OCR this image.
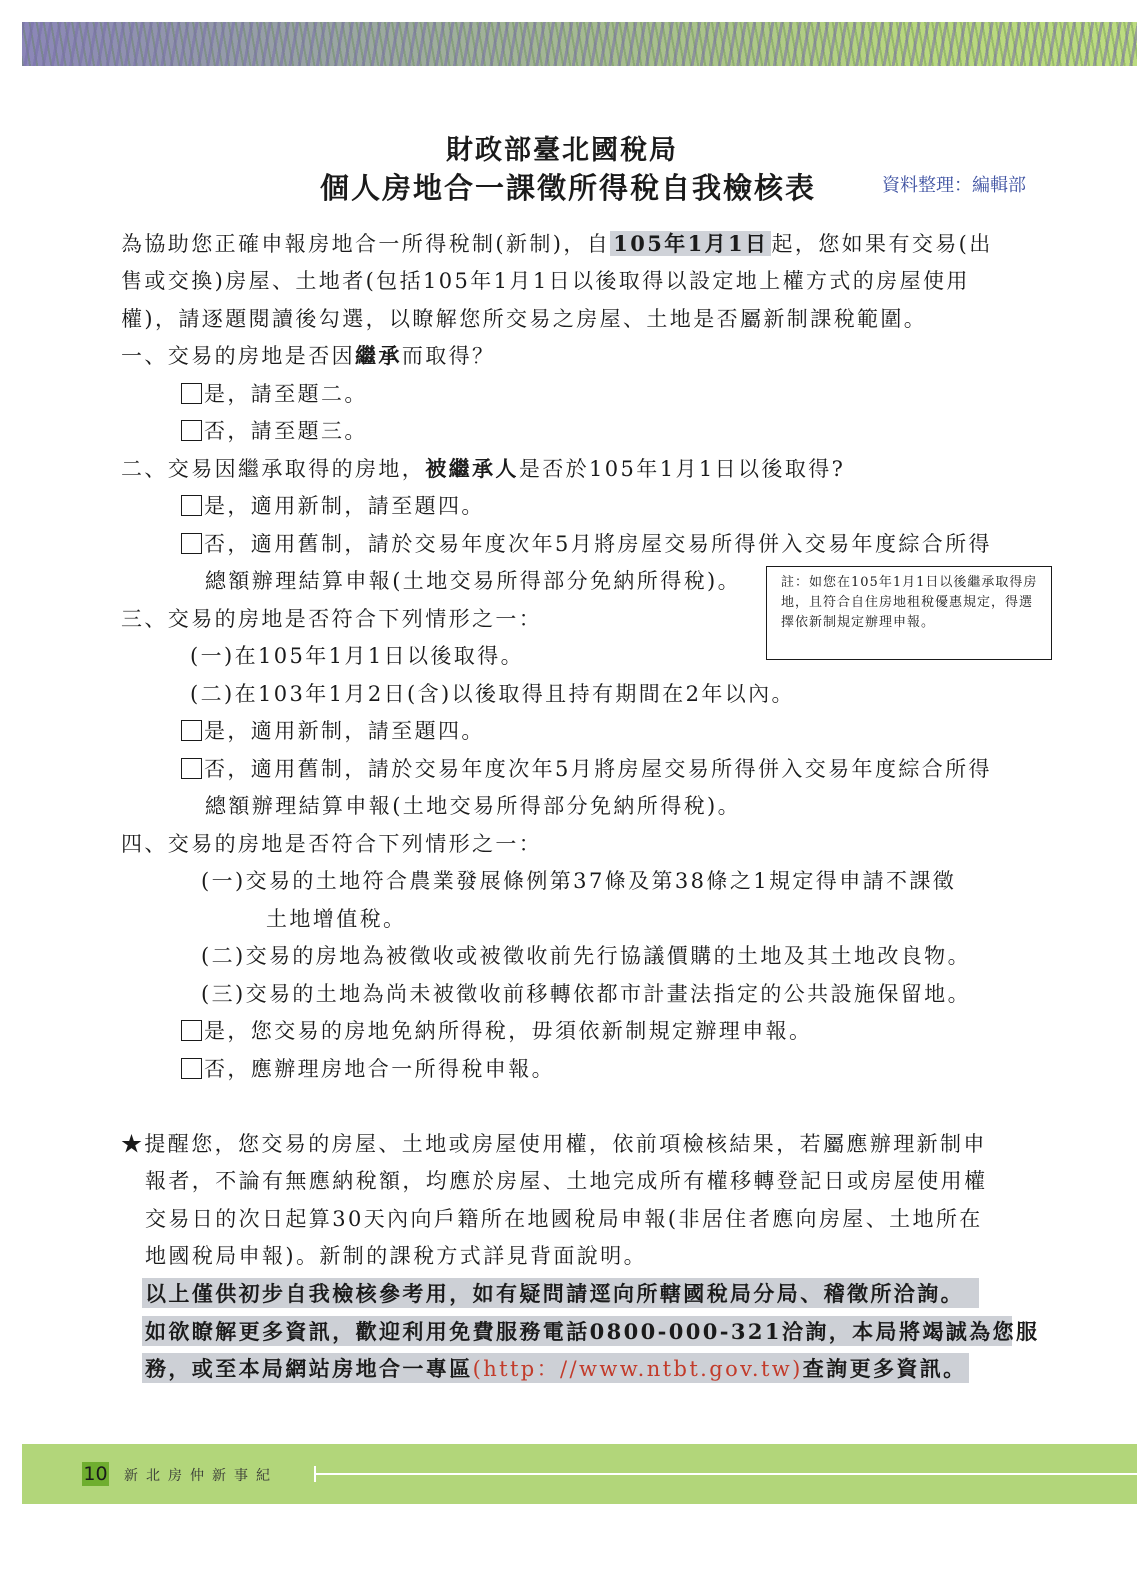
財政部臺北國稅局
個人房地合一課徵所得稅自我檢核表	資料整理：編輯部
為協助您正確申報房地合一所得稅制(新制)，自 105年1月1日 起，您如果有交易(出
售或交換)房屋、土地者(包括105年1月1日以後取得以設定地上權方式的房屋使用
權)，請逐題閱讀後勾選，以瞭解您所交易之房屋、土地是否屬新制課稅範圍。
一、交易的房地是否因繼承而取得？
是，請至題二。
否，請至題三。
二、交易因繼承取得的房地，被繼承人是否於105年1月1日以後取得?
是，適用新制，請至題四。
否，適用舊制，請於交易年度次年5月將房屋交易所得併入交易年度綜合所得
總額辦理結算申報(土地交易所得部分免納所得稅)。	註：如您在105年1月1日以後繼承取得房地，且符合自住房地租稅優惠規定，得選擇依新制規定辦理申報。
三、交易的房地是否符合下列情形之一：
(一)在105年1月1日以後取得。
(二)在103年1月2日(含)以後取得且持有期間在2年以內。
是，適用新制，請至題四。
否，適用舊制，請於交易年度次年5月將房屋交易所得併入交易年度綜合所得
總額辦理結算申報(土地交易所得部分免納所得稅)。
四、交易的房地是否符合下列情形之一：
(一)交易的土地符合農業發展條例第37條及第38條之1規定得申請不課徵
土地增值稅。
(二)交易的房地為被徵收或被徵收前先行協議價購的土地及其土地改良物。
(三)交易的土地為尚未被徵收前移轉依都市計畫法指定的公共設施保留地。
是，您交易的房地免納所得稅，毋須依新制規定辦理申報。
否，應辦理房地合一所得稅申報。
★提醒您，您交易的房屋、土地或房屋使用權，依前項檢核結果，若屬應辦理新制申
報者，不論有無應納稅額，均應於房屋、土地完成所有權移轉登記日或房屋使用權
交易日的次日起算30天內向戶籍所在地國稅局申報(非居住者應向房屋、土地所在
地國稅局申報)。新制的課稅方式詳見背面說明。
以上僅供初步自我檢核參考用，如有疑問請逕向所轄國稅局分局、稽徵所洽詢。
如欲瞭解更多資訊，歡迎利用免費服務電話0800-000-321洽詢，本局將竭誠為您服
務，或至本局網站房地合一專區(http：//www.ntbt.gov.tw)查詢更多資訊。
10 新北房仲新事紀
